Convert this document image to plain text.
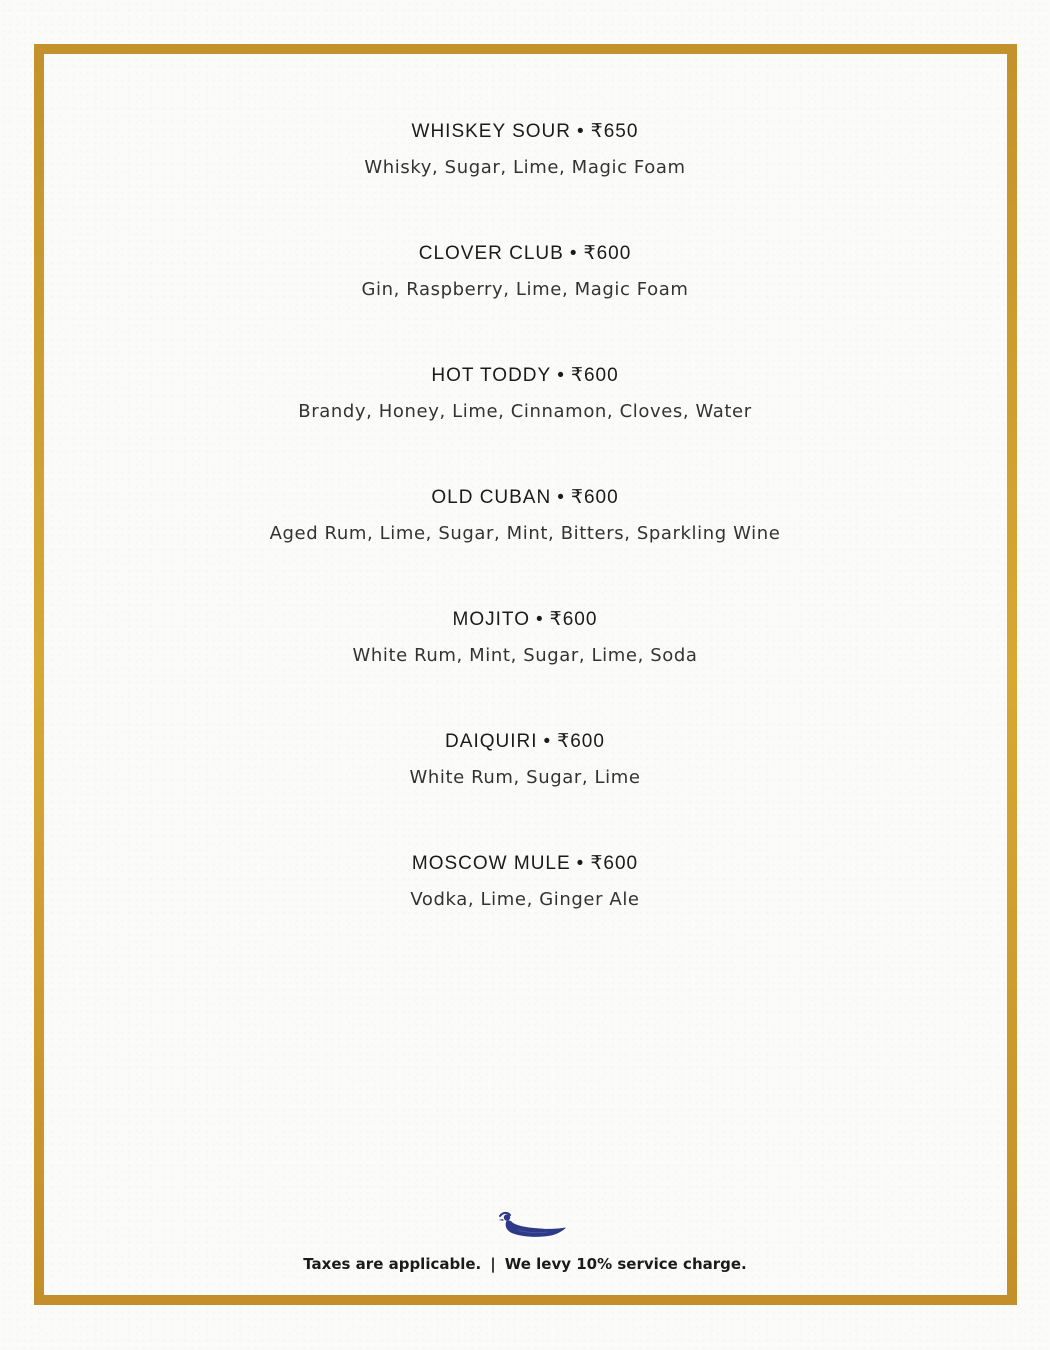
WHISKEY SOUR • ₹650
Whisky, Sugar, Lime, Magic Foam
CLOVER CLUB • ₹600
Gin, Raspberry, Lime, Magic Foam
HOT TODDY • ₹600
Brandy, Honey, Lime, Cinnamon, Cloves, Water
OLD CUBAN • ₹600
Aged Rum, Lime, Sugar, Mint, Bitters, Sparkling Wine
MOJITO • ₹600
White Rum, Mint, Sugar, Lime, Soda
DAIQUIRI • ₹600
White Rum, Sugar, Lime
MOSCOW MULE • ₹600
Vodka, Lime, Ginger Ale
Taxes are applicable. | We levy 10% service charge.
